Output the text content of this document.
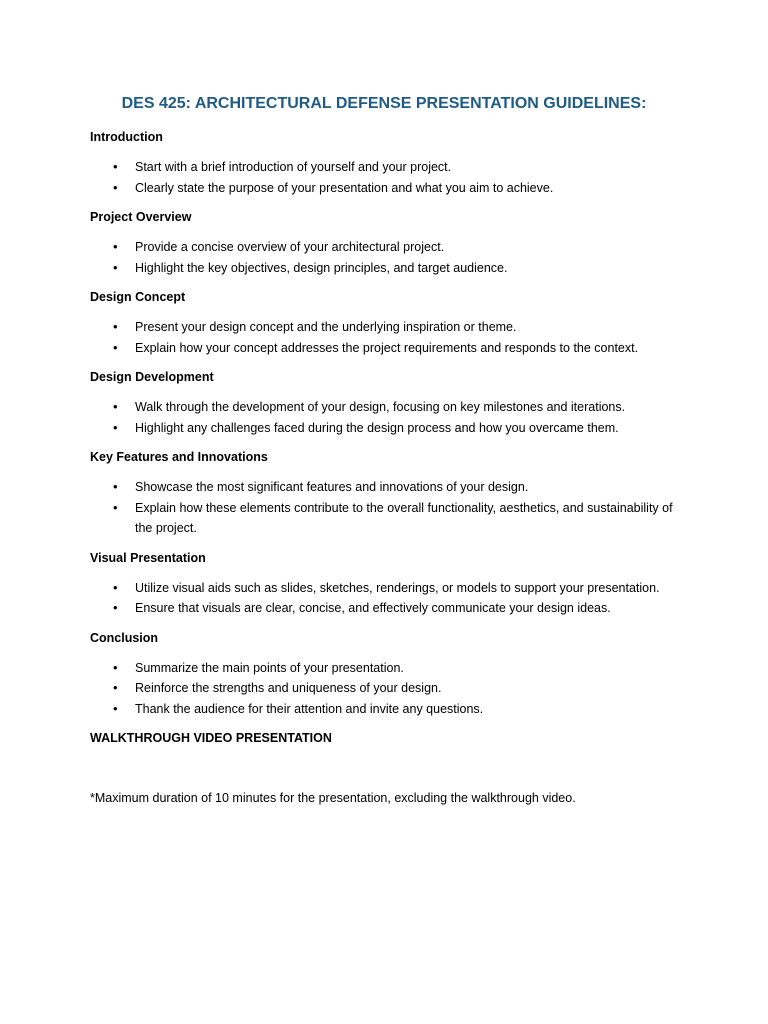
DES 425: ARCHITECTURAL DEFENSE PRESENTATION GUIDELINES:
Introduction
• Start with a brief introduction of yourself and your project.
• Clearly state the purpose of your presentation and what you aim to achieve.
Project Overview
• Provide a concise overview of your architectural project.
• Highlight the key objectives, design principles, and target audience.
Design Concept
• Present your design concept and the underlying inspiration or theme.
• Explain how your concept addresses the project requirements and responds to the context.
Design Development
• Walk through the development of your design, focusing on key milestones and iterations.
• Highlight any challenges faced during the design process and how you overcame them.
Key Features and Innovations
• Showcase the most significant features and innovations of your design.
• Explain how these elements contribute to the overall functionality, aesthetics, and sustainability of the project.
Visual Presentation
• Utilize visual aids such as slides, sketches, renderings, or models to support your presentation.
• Ensure that visuals are clear, concise, and effectively communicate your design ideas.
Conclusion
• Summarize the main points of your presentation.
• Reinforce the strengths and uniqueness of your design.
• Thank the audience for their attention and invite any questions.
WALKTHROUGH VIDEO PRESENTATION
*Maximum duration of 10 minutes for the presentation, excluding the walkthrough video.
